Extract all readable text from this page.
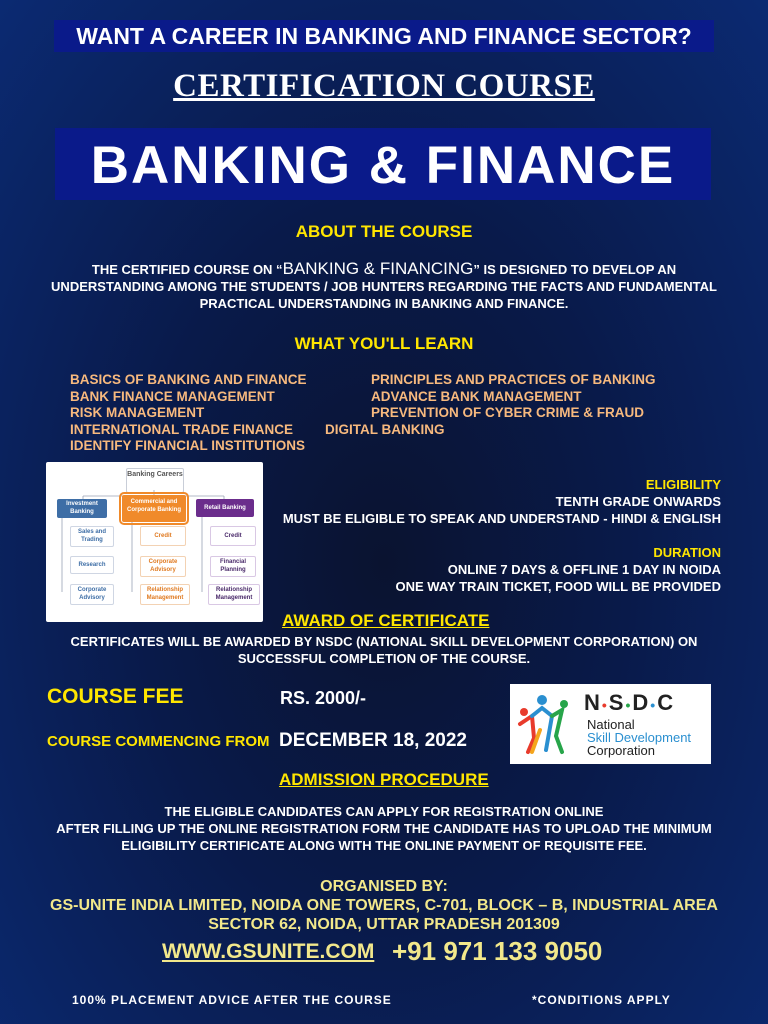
WANT A CAREER IN BANKING AND FINANCE SECTOR?
CERTIFICATION COURSE
BANKING & FINANCE
ABOUT THE COURSE
THE CERTIFIED COURSE ON “BANKING & FINANCING” IS DESIGNED TO DEVELOP AN
UNDERSTANDING AMONG THE STUDENTS / JOB HUNTERS REGARDING THE FACTS AND FUNDAMENTAL
PRACTICAL UNDERSTANDING IN BANKING AND FINANCE.
WHAT YOU'LL LEARN
BASICS OF BANKING AND FINANCE
BANK FINANCE MANAGEMENT
RISK MANAGEMENT
INTERNATIONAL TRADE FINANCE
IDENTIFY FINANCIAL INSTITUTIONS
PRINCIPLES AND PRACTICES OF BANKING
ADVANCE BANK MANAGEMENT
PREVENTION OF CYBER CRIME & FRAUD
DIGITAL BANKING
Banking Careers
Investment Banking
Commercial and Corporate Banking	Retail Banking
Sales and Trading
Research
Corporate Advisory
Credit
Corporate Advisory
Relationship Management
Credit
Financial Planning
Relationship Management
ELIGIBILITY
TENTH GRADE ONWARDS
MUST BE ELIGIBLE TO SPEAK AND UNDERSTAND - HINDI & ENGLISH
DURATION
ONLINE 7 DAYS & OFFLINE 1 DAY IN NOIDA
ONE WAY TRAIN TICKET, FOOD WILL BE PROVIDED
AWARD OF CERTIFICATE
CERTIFICATES WILL BE AWARDED BY NSDC (NATIONAL SKILL DEVELOPMENT CORPORATION) ON
SUCCESSFUL COMPLETION OF THE COURSE.
COURSE FEE	RS. 2000/-
COURSE COMMENCING FROM DECEMBER 18, 2022
N•S•D•C
National
Skill Development
Corporation
ADMISSION PROCEDURE
THE ELIGIBLE CANDIDATES CAN APPLY FOR REGISTRATION ONLINE
AFTER FILLING UP THE ONLINE REGISTRATION FORM THE CANDIDATE HAS TO UPLOAD THE MINIMUM
ELIGIBILITY CERTIFICATE ALONG WITH THE ONLINE PAYMENT OF REQUISITE FEE.
ORGANISED BY:
GS-UNITE INDIA LIMITED, NOIDA ONE TOWERS, C-701, BLOCK – B, INDUSTRIAL AREA
SECTOR 62, NOIDA, UTTAR PRADESH 201309
WWW.GSUNITE.COM +91 971 133 9050
100% PLACEMENT ADVICE AFTER THE COURSE	*CONDITIONS APPLY
